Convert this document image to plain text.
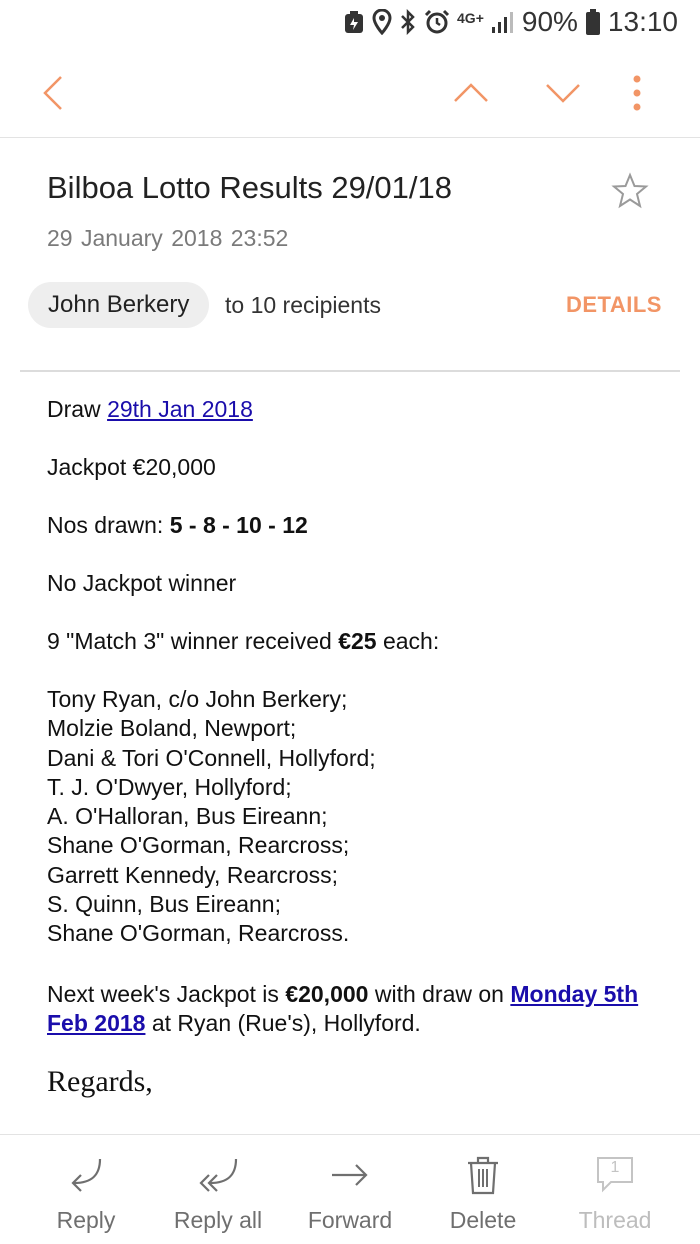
4G+ 90% 13:10
Bilboa Lotto Results 29/01/18
29 January 2018 23:52
John Berkery to 10 recipients	DETAILS
Draw 29th Jan 2018
Jackpot €20,000
Nos drawn: 5 - 8 - 10 - 12
No Jackpot winner
9 "Match 3" winner received €25 each:
Tony Ryan, c/o John Berkery;
Molzie Boland, Newport;
Dani & Tori O'Connell, Hollyford;
T. J. O'Dwyer, Hollyford;
A. O'Halloran, Bus Eireann;
Shane O'Gorman, Rearcross;
Garrett Kennedy, Rearcross;
S. Quinn, Bus Eireann;
Shane O'Gorman, Rearcross.
Next week's Jackpot is €20,000 with draw on Monday 5th Feb 2018 at Ryan (Rue's), Hollyford.
Regards,
Reply	Reply all Forward	Delete
1
Thread
